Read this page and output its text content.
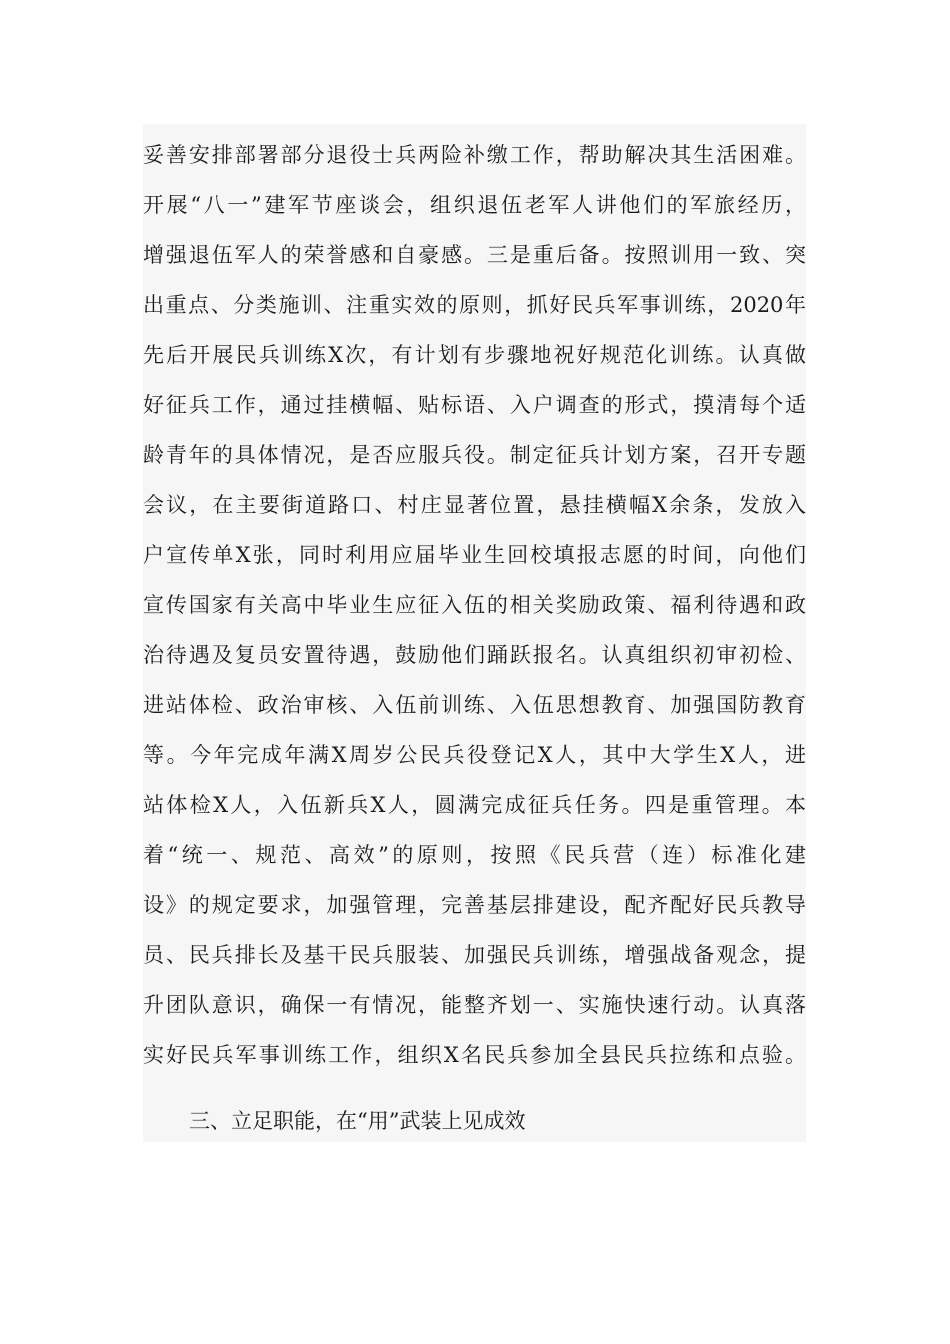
妥善安排部署部分退役士兵两险补缴工作，帮助解决其生活困难。
开展“八一”建军节座谈会，组织退伍老军人讲他们的军旅经历，
增强退伍军人的荣誉感和自豪感。三是重后备。按照训用一致、突
出重点、分类施训、注重实效的原则，抓好民兵军事训练，2020年
先后开展民兵训练X次，有计划有步骤地祝好规范化训练。认真做
好征兵工作，通过挂横幅、贴标语、入户调查的形式，摸清每个适
龄青年的具体情况，是否应服兵役。制定征兵计划方案，召开专题
会议，在主要街道路口、村庄显著位置，悬挂横幅X余条，发放入
户宣传单X张，同时利用应届毕业生回校填报志愿的时间，向他们
宣传国家有关高中毕业生应征入伍的相关奖励政策、福利待遇和政
治待遇及复员安置待遇，鼓励他们踊跃报名。认真组织初审初检、
进站体检、政治审核、入伍前训练、入伍思想教育、加强国防教育
等。今年完成年满X周岁公民兵役登记X人，其中大学生X人，进
站体检X人，入伍新兵X人，圆满完成征兵任务。四是重管理。本
着“统一、规范、高效”的原则，按照《民兵营（连）标准化建
设》的规定要求，加强管理，完善基层排建设，配齐配好民兵教导
员、民兵排长及基干民兵服装、加强民兵训练，增强战备观念，提
升团队意识，确保一有情况，能整齐划一、实施快速行动。认真落
实好民兵军事训练工作，组织X名民兵参加全县民兵拉练和点验。
三、立足职能，在“用”武装上见成效
